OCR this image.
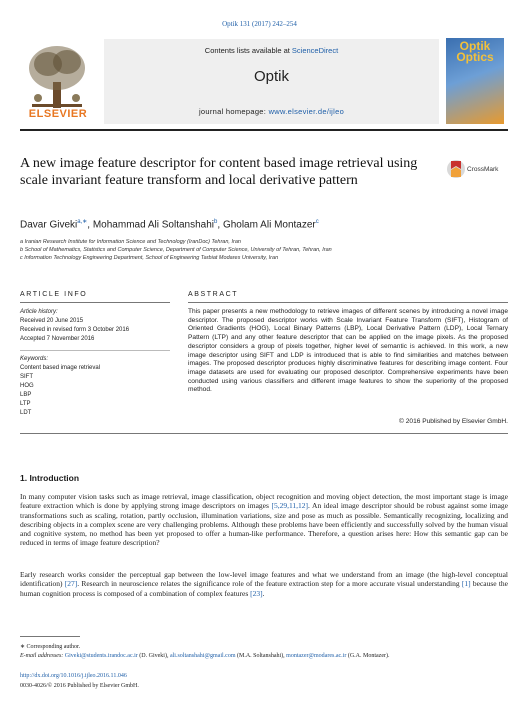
Optik 131 (2017) 242–254
Contents lists available at ScienceDirect
Optik
journal homepage: www.elsevier.de/ijleo
ELSEVIER
Optik Optics
A new image feature descriptor for content based image retrieval using scale invariant feature transform and local derivative pattern
CrossMark
Davar Giveki$^{a,∗}$, Mohammad Ali Soltanshahi$^b$, Gholam Ali Montazer$^c$
a Iranian Research Institute for Information Science and Technology (IranDoc) Tehran, Iran
b School of Mathematics, Statistics and Computer Science, Department of Computer Science, University of Tehran, Tehran, Iran
c Information Technology Engineering Department, School of Engineering Tarbiat Modares University, Iran
ARTICLE INFO	ABSTRACT
Article history:
Received 20 June 2015
Received in revised form 3 October 2016
Accepted 7 November 2016
Keywords:
Content based image retrieval
SIFT
HOG
LBP
LTP
LDT
This paper presents a new methodology to retrieve images of different scenes by introducing a novel image descriptor. The proposed descriptor works with Scale Invariant Feature Transform (SIFT), Histogram of Oriented Gradients (HOG), Local Binary Patterns (LBP), Local Derivative Pattern (LDP), Local Ternary Pattern (LTP) and any other feature descriptor that can be applied on the image pixels. As the proposed descriptor considers a group of pixels together, higher level of semantic is achieved. In this work, a new image descriptor using SIFT and LDP is introduced that is able to find similarities and matches between images. The proposed descriptor produces highly discriminative features for describing image content. Four image datasets are used for evaluating our proposed descriptor. Comprehensive experiments have been conducted using various classifiers and different image features to show the superiority of the proposed method.
© 2016 Published by Elsevier GmbH.
1. Introduction
In many computer vision tasks such as image retrieval, image classification, object recognition and moving object detection, the most important stage is image feature extraction which is done by applying strong image descriptors on images [5,29,11,12]. An ideal image descriptor should be robust against some image transformations such as scaling, rotation, partly occlusion, illumination variations, size and pose as much as possible. Semantically recognizing, localizing and describing objects in a complex scene are very challenging problems. Although these problems have been efficiently and successfully solved by the human visual and cognitive system, no method has been yet proposed to offer a human-like performance. Therefore, a question arises here: How this semantic gap can be reduced in terms of image feature description?
Early research works consider the perceptual gap between the low-level image features and what we understand from an image (the high-level conceptual identification) [27]. Research in neuroscience relates the significance role of the feature extraction step for a more accurate visual understanding [1] because the human cognition process is composed of a combination of complex features [23].
∗ Corresponding author.
E-mail addresses: Giveki@students.irandoc.ac.ir (D. Giveki), ali.soltanshahi@gmail.com (M.A. Soltanshahi), montazer@modares.ac.ir (G.A. Montazer).
http://dx.doi.org/10.1016/j.ijleo.2016.11.046
0030-4026/© 2016 Published by Elsevier GmbH.
